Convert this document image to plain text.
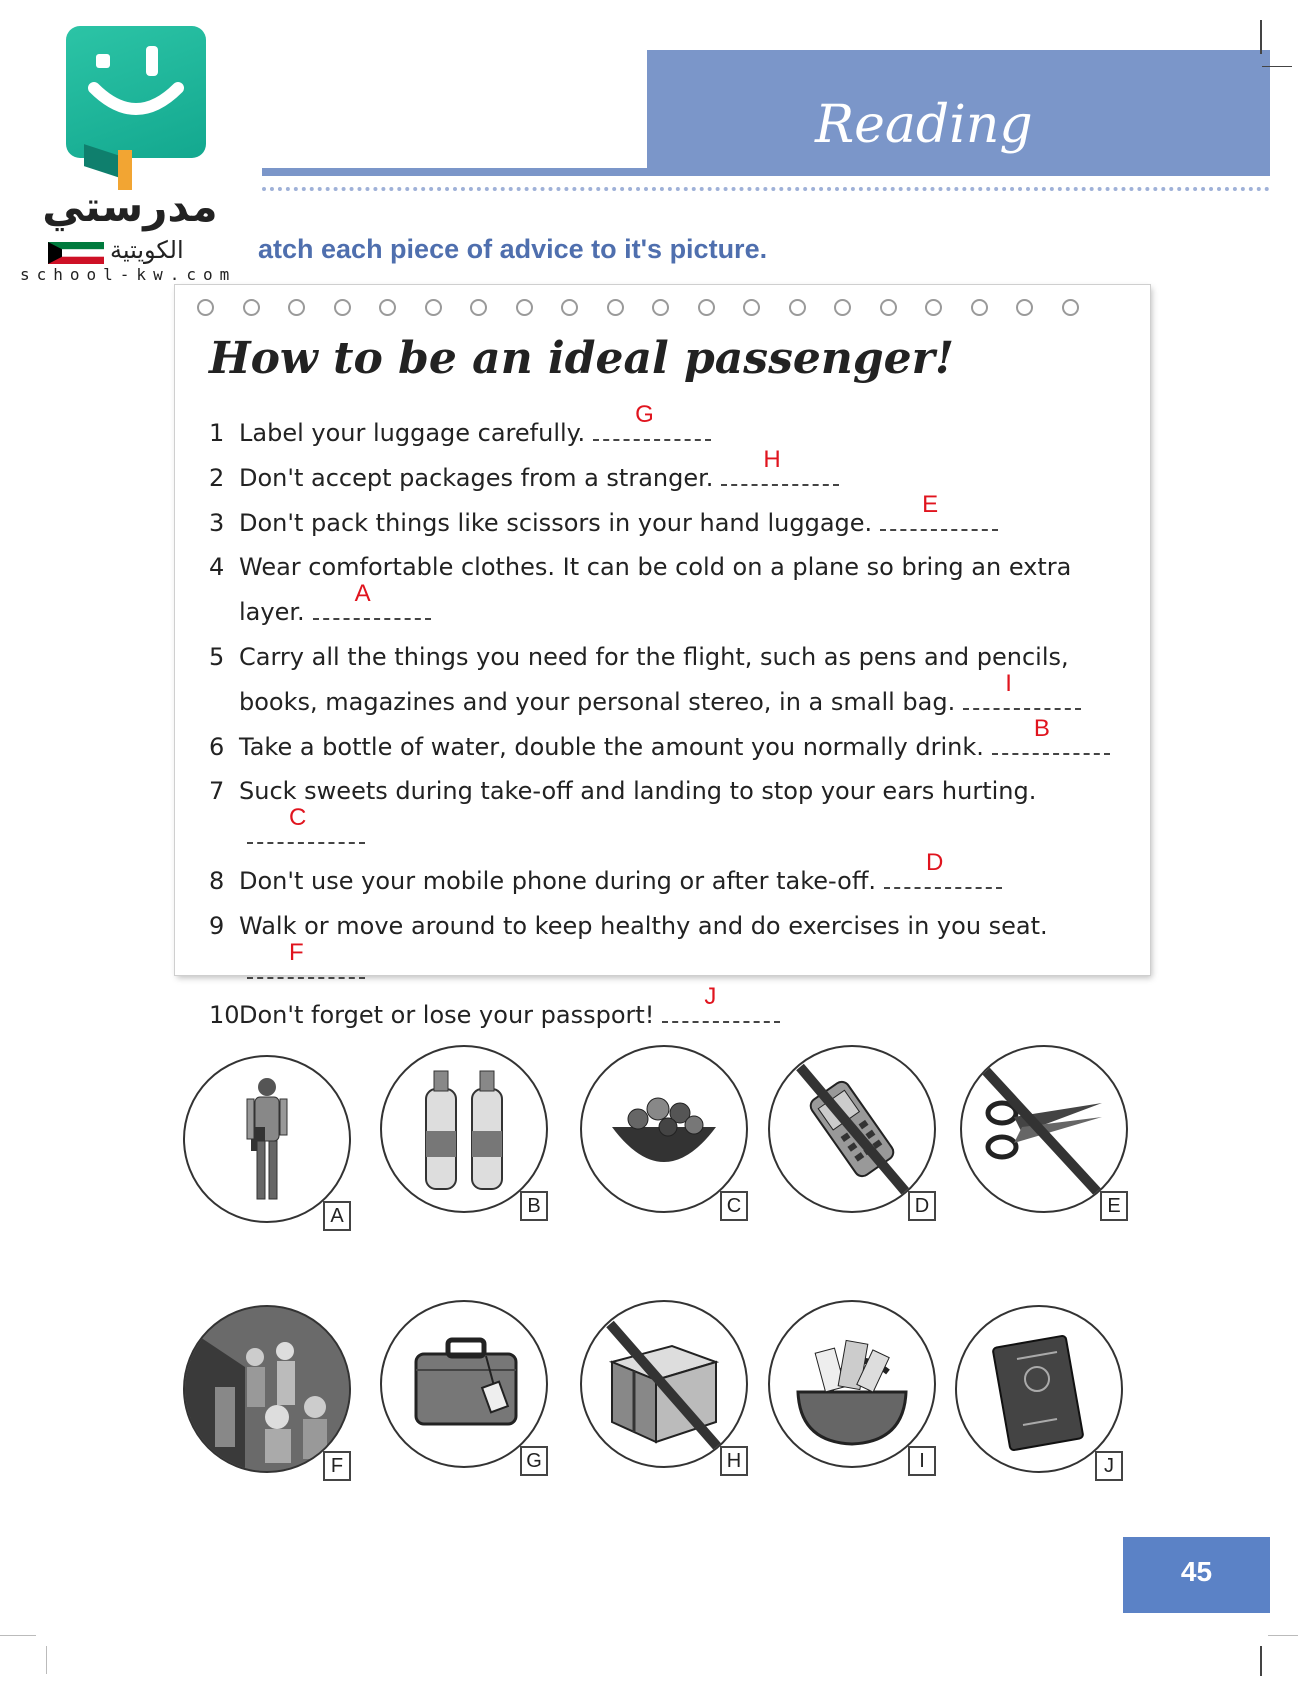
مدرستي
الكويتية
school-kw.com
Reading
atch each piece of advice to it's picture.
How to be an ideal passenger!
1 Label your luggage carefully.
G
2 Don't accept packages from a stranger.
H
3 Don't pack things like scissors in your hand luggage.
E
4 Wear comfortable clothes. It can be cold on a plane so bring an extra layer.
A
5 Carry all the things you need for the flight, such as pens and pencils, books, magazines and your personal stereo, in a small bag.
I
6 Take a bottle of water, double the amount you normally drink.
B
7 Suck sweets during take-off and landing to stop your ears hurting.
C
8 Don't use your mobile phone during or after take-off.
D
9 Walk or move around to keep healthy and do exercises in you seat.
F
10 Don't forget or lose your passport!
J
A	B	C	D	E
F	G	H	I	J
45
